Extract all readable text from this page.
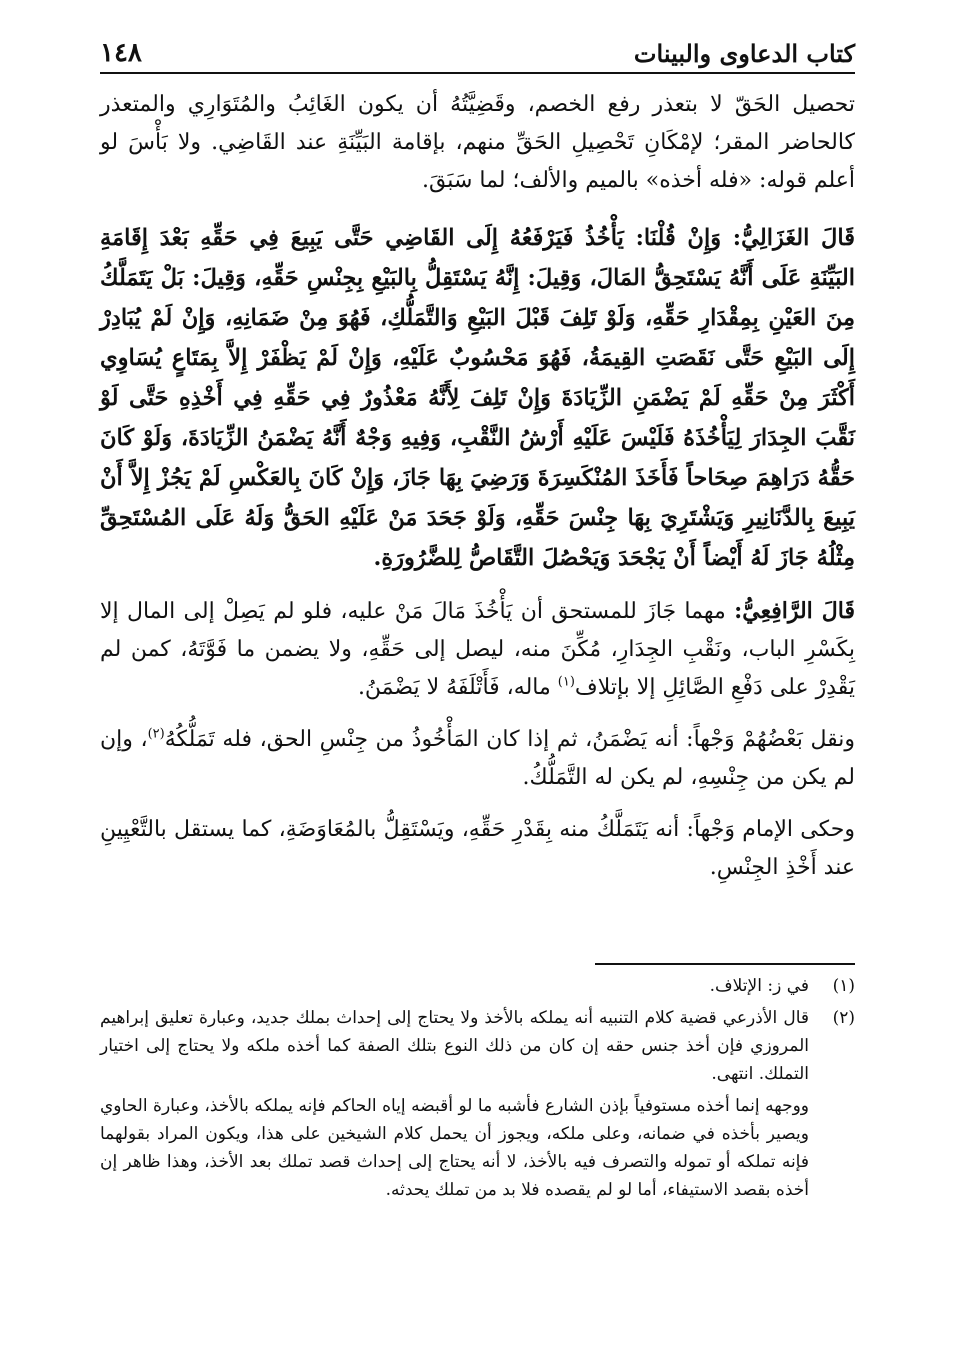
كتاب الدعاوى والبينات
١٤٨

تحصيل الحَقّ لا بتعذر رفع الخصم، وقَضِيَّتُهُ أن يكون الغَائِبُ والمُتَوَارِي والمتعذر كالحاضر المقر؛ لإمْكَانِ تَحْصِيلِ الحَقِّ منهم، بإقامة البَيِّنَةِ عند القَاضِي. ولا بَأْسَ لو أعلم قوله: «فله أخذه» بالميم والألف؛ لما سَبَقَ.

قَالَ الغَزَالِيُّ: وَإِنْ قُلْنَا: يَأْخُذُ فَيَرْفَعُهُ إِلَى القَاضِي حَتَّى يَبِيعَ فِي حَقِّهِ بَعْدَ إِقَامَةِ البَيِّنَةِ عَلَى أَنَّهُ يَسْتَحِقُّ المَالَ، وَقِيلَ: إِنَّهُ يَسْتَقِلُّ بِالبَيْعِ بِجِنْسِ حَقِّهِ، وَقِيلَ: بَلْ يَتَمَلَّكُ مِنَ العَيْنِ بِمِقْدَارِ حَقِّهِ، وَلَوْ تَلِفَ قَبْلَ البَيْعِ وَالتَّمَلُّكِ، فَهُوَ مِنْ ضَمَانِهِ، وَإِنْ لَمْ يُبَادِرْ إِلَى البَيْعِ حَتَّى نَقَصَتِ القِيمَةُ، فَهُوَ مَحْسُوبٌ عَلَيْهِ، وَإِنْ لَمْ يَظْفَرْ إِلاَّ بِمَتَاعٍ يُسَاوِي أَكْثَرَ مِنْ حَقِّهِ لَمْ يَضْمَنِ الزِّيَادَةَ وَإِنْ تَلِفَ لِأَنَّهُ مَعْذُورٌ فِي حَقِّهِ فِي أَخْذِهِ حَتَّى لَوْ نَقَّبَ الجِدَارَ لِيَأْخُذَهُ فَلَيْسَ عَلَيْهِ أَرْشُ النَّقْبِ، وَفِيهِ وَجْهٌ أَنَّهُ يَضْمَنُ الزِّيَادَةَ، وَلَوْ كَانَ حَقُّهُ دَرَاهِمَ صِحَاحاً فَأَخَذَ المُنْكَسِرَةَ وَرَضِيَ بِهَا جَازَ، وَإِنْ كَانَ بِالعَكْسِ لَمْ يَجُزْ إِلاَّ أَنْ يَبِيعَ بِالدَّنَانِيرِ وَيَشْتَرِيَ بِهَا جِنْسَ حَقِّهِ، وَلَوْ جَحَدَ مَنْ عَلَيْهِ الحَقُّ وَلَهُ عَلَى المُسْتَحِقِّ مِثْلُهُ جَازَ لَهُ أَيْضاً أَنْ يَجْحَدَ وَيَحْصُلَ التَّقَاصُّ لِلضَّرُورَةِ.

قَالَ الرَّافِعِيُّ: مهما جَازَ للمستحق أن يَأْخُذَ مَالَ مَنْ عليه، فلو لم يَصِلْ إلى المال إلا بِكَسْرِ الباب، ونَقْبِ الجِدَارِ، مُكِّنَ منه، ليصل إلى حَقِّهِ، ولا يضمن ما فَوَّتَهُ، كمن لم يَقْدِرْ على دَفْعِ الصَّائِلِ إلا بإتلاف$^{(١)}$ ماله، فَأَتْلَفَهُ لا يَضْمَنُ.

ونقل بَعْضُهُمْ وَجْهاً: أنه يَضْمَنُ، ثم إذا كان المَأْخُوذُ من جِنْسِ الحق، فله تَمَلُّكُهُ$^{(٢)}$، وإن لم يكن من جِنْسِهِ، لم يكن له التَّمَلُّكُ.

وحكى الإمام وَجْهاً: أنه يَتَمَلَّكُ منه بِقَدْرِ حَقِّهِ، ويَسْتَقِلُّ بالمُعَاوَضَةِ، كما يستقل بالتَّعْيِينِ عند أَخْذِ الجِنْسِ.

(١)
في ز: الإتلاف.
(٢)
قال الأذرعي قضية كلام التنبيه أنه يملكه بالأخذ ولا يحتاج إلى إحداث بملك جديد، وعبارة تعليق إبراهيم المروزي فإن أخذ جنس حقه إن كان من ذلك النوع بتلك الصفة كما أخذه ملكه ولا يحتاج إلى اختيار التملك. انتهى.

ووجهه إنما أخذه مستوفياً بإذن الشارع فأشبه ما لو أقبضه إياه الحاكم فإنه يملكه بالأخذ، وعبارة الحاوي ويصير بأخذه في ضمانه، وعلى ملكه، ويجوز أن يحمل كلام الشيخين على هذا، ويكون المراد بقولهما فإنه تملكه أو تموله والتصرف فيه بالأخذ، لا أنه يحتاج إلى إحداث قصد تملك بعد الأخذ، وهذا ظاهر إن أخذه بقصد الاستيفاء، أما لو لم يقصده فلا بد من تملك يحدثه.
